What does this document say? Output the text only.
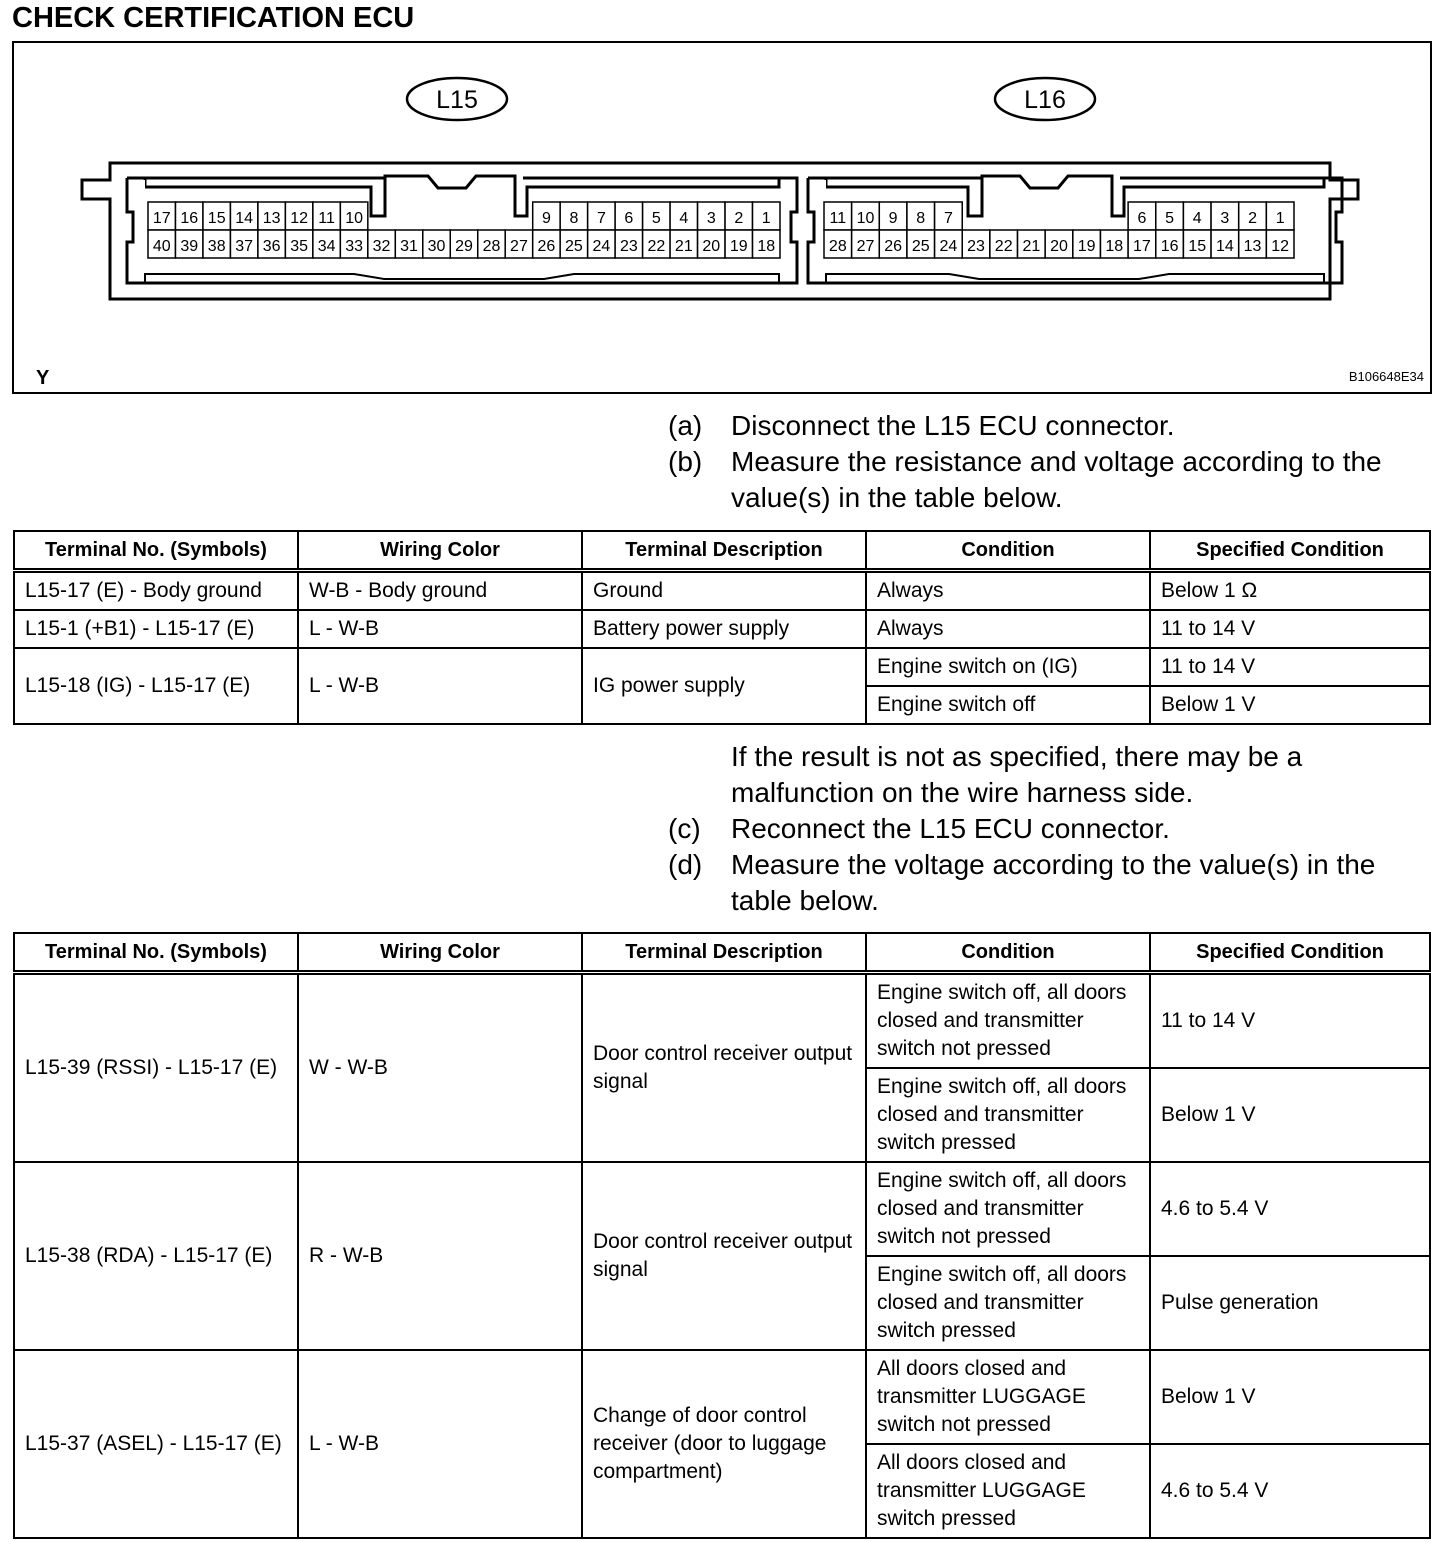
CHECK CERTIFICATION ECU
17 16 15 14 13 12 11 10	9 8 7 6 5 4 3 2 1
40 39 38 37 36 35 34 33 32 31 30 29 28 27 26 25 24 23 22 21 20 19 18
L15
11 10 9 8 7	6 5 4 3 2 1
28 27 26 25 24 23 22 21 20 19 18 17 16 15 14 13 12
L16
Y	B106648E34
(a) Disconnect the L15 ECU connector.
(b) Measure the resistance and voltage according to the value(s) in the table below.
Terminal No. (Symbols)	Wiring Color	Terminal Description	Condition	Specified Condition
L15-17 (E) - Body ground	W-B - Body ground	Ground	Always	Below 1 Ω
L15-1 (+B1) - L15-17 (E)	L - W-B	Battery power supply	Always	11 to 14 V
L15-18 (IG) - L15-17 (E)	L - W-B	IG power supply	Engine switch on (IG)	11 to 14 V
			Engine switch off	Below 1 V
If the result is not as specified, there may be a malfunction on the wire harness side.
(c) Reconnect the L15 ECU connector.
(d) Measure the voltage according to the value(s) in the table below.
Terminal No. (Symbols)	Wiring Color	Terminal Description	Condition	Specified Condition
L15-39 (RSSI) - L15-17 (E)	W - W-B	Door control receiver output signal	Engine switch off, all doors closed and transmitter switch not pressed	11 to 14 V
			Engine switch off, all doors closed and transmitter switch pressed	Below 1 V
L15-38 (RDA) - L15-17 (E)	R - W-B	Door control receiver output signal	Engine switch off, all doors closed and transmitter switch not pressed	4.6 to 5.4 V
			Engine switch off, all doors closed and transmitter switch pressed	Pulse generation
L15-37 (ASEL) - L15-17 (E)	L - W-B	Change of door control receiver (door to luggage compartment)	All doors closed and transmitter LUGGAGE switch not pressed	Below 1 V
			All doors closed and transmitter LUGGAGE switch pressed	4.6 to 5.4 V
